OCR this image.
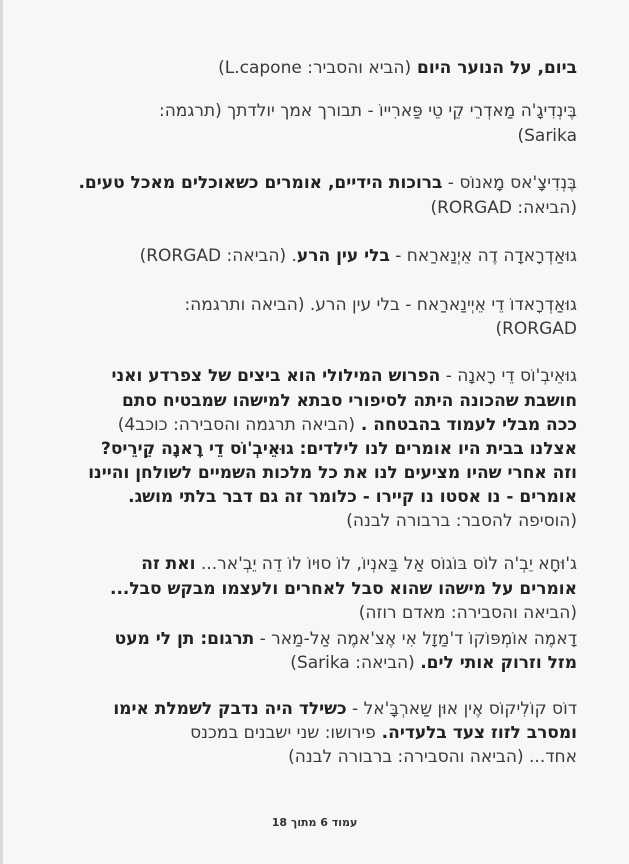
ביום, על הנוער היום (הביא והסביר: L.capone)
בֶּינְדִיגָ'ה מַאדְרֵי קֵי טֵי פַּארִייוֹ - תבורך אמך יולדתך (תרגמה:
Sarika)
בֶּנְדִיצָ'אס מָאנוֹס - ברוכות הידיים, אומרים כשאוכלים מאכל טעים.
(הביאה: RORGAD)
גוּאַדְרָאדָה דֶה אֵיְנַארַאח - בלי עין הרע. (הביאה: RORGAD)
גוּאַדְרָאדוֹ דֵי אֵיְינַארַאח - בלי עין הרע. (הביאה ותרגמה:
RORGAD)
גוּאֵיבְ'וֹס דֵי רָאנָה - הפרוש המילולי הוא ביצים של צפרדע ואני
חושבת שהכונה היתה לסיפורי סבתא למישהו שמבטיח סתם
ככה מבלי לעמוד בהבטחה . (הביאה תרגמה והסבירה: כוכב4)
אצלנו בבית היו אומרים לנו לילדים: גוּאֵיבְ'וֹס דֵי רָאנָה קֵירֵיס?
וזה אחרי שהיו מציעים לנו את כל מלכות השמיים לשולחן והיינו
אומרים - נו אסטו נו קיירו - כלומר זה גם דבר בלתי מושג.
(הוסיפה להסבר: ברבורה לבנה)
ג'וּחָא יֵבְ'ה לוֹס בּוֹגוֹס אַל בַּאנְיוֹ, לוֹ סוּיוֹ לוֹ דֵה יֵבְ'אר... ואת זה
אומרים על מישהו שהוא סבל לאחרים ולעצמו מבקש סבל...
(הביאה והסבירה: מאדם רוזה)
דָאמֶה אוֹמְפּוֹקוֹ ד'מַזָל אִי אֶצ'אמֶה אַל-מַאר - תרגום: תן לי מעט
מזל וזרוק אותי לים. (הביאה: Sarika)
דוֹס קוֹלִיקוֹס אֶין אוּן שַארְבָּ'אל - כשילד היה נדבק לשמלת אימו
ומסרב לזוז צעד בלעדיה. פירושו: שני ישבנים במכנס
אחד... (הביאה והסבירה: ברבורה לבנה)
עמוד 6 מתוך 18
